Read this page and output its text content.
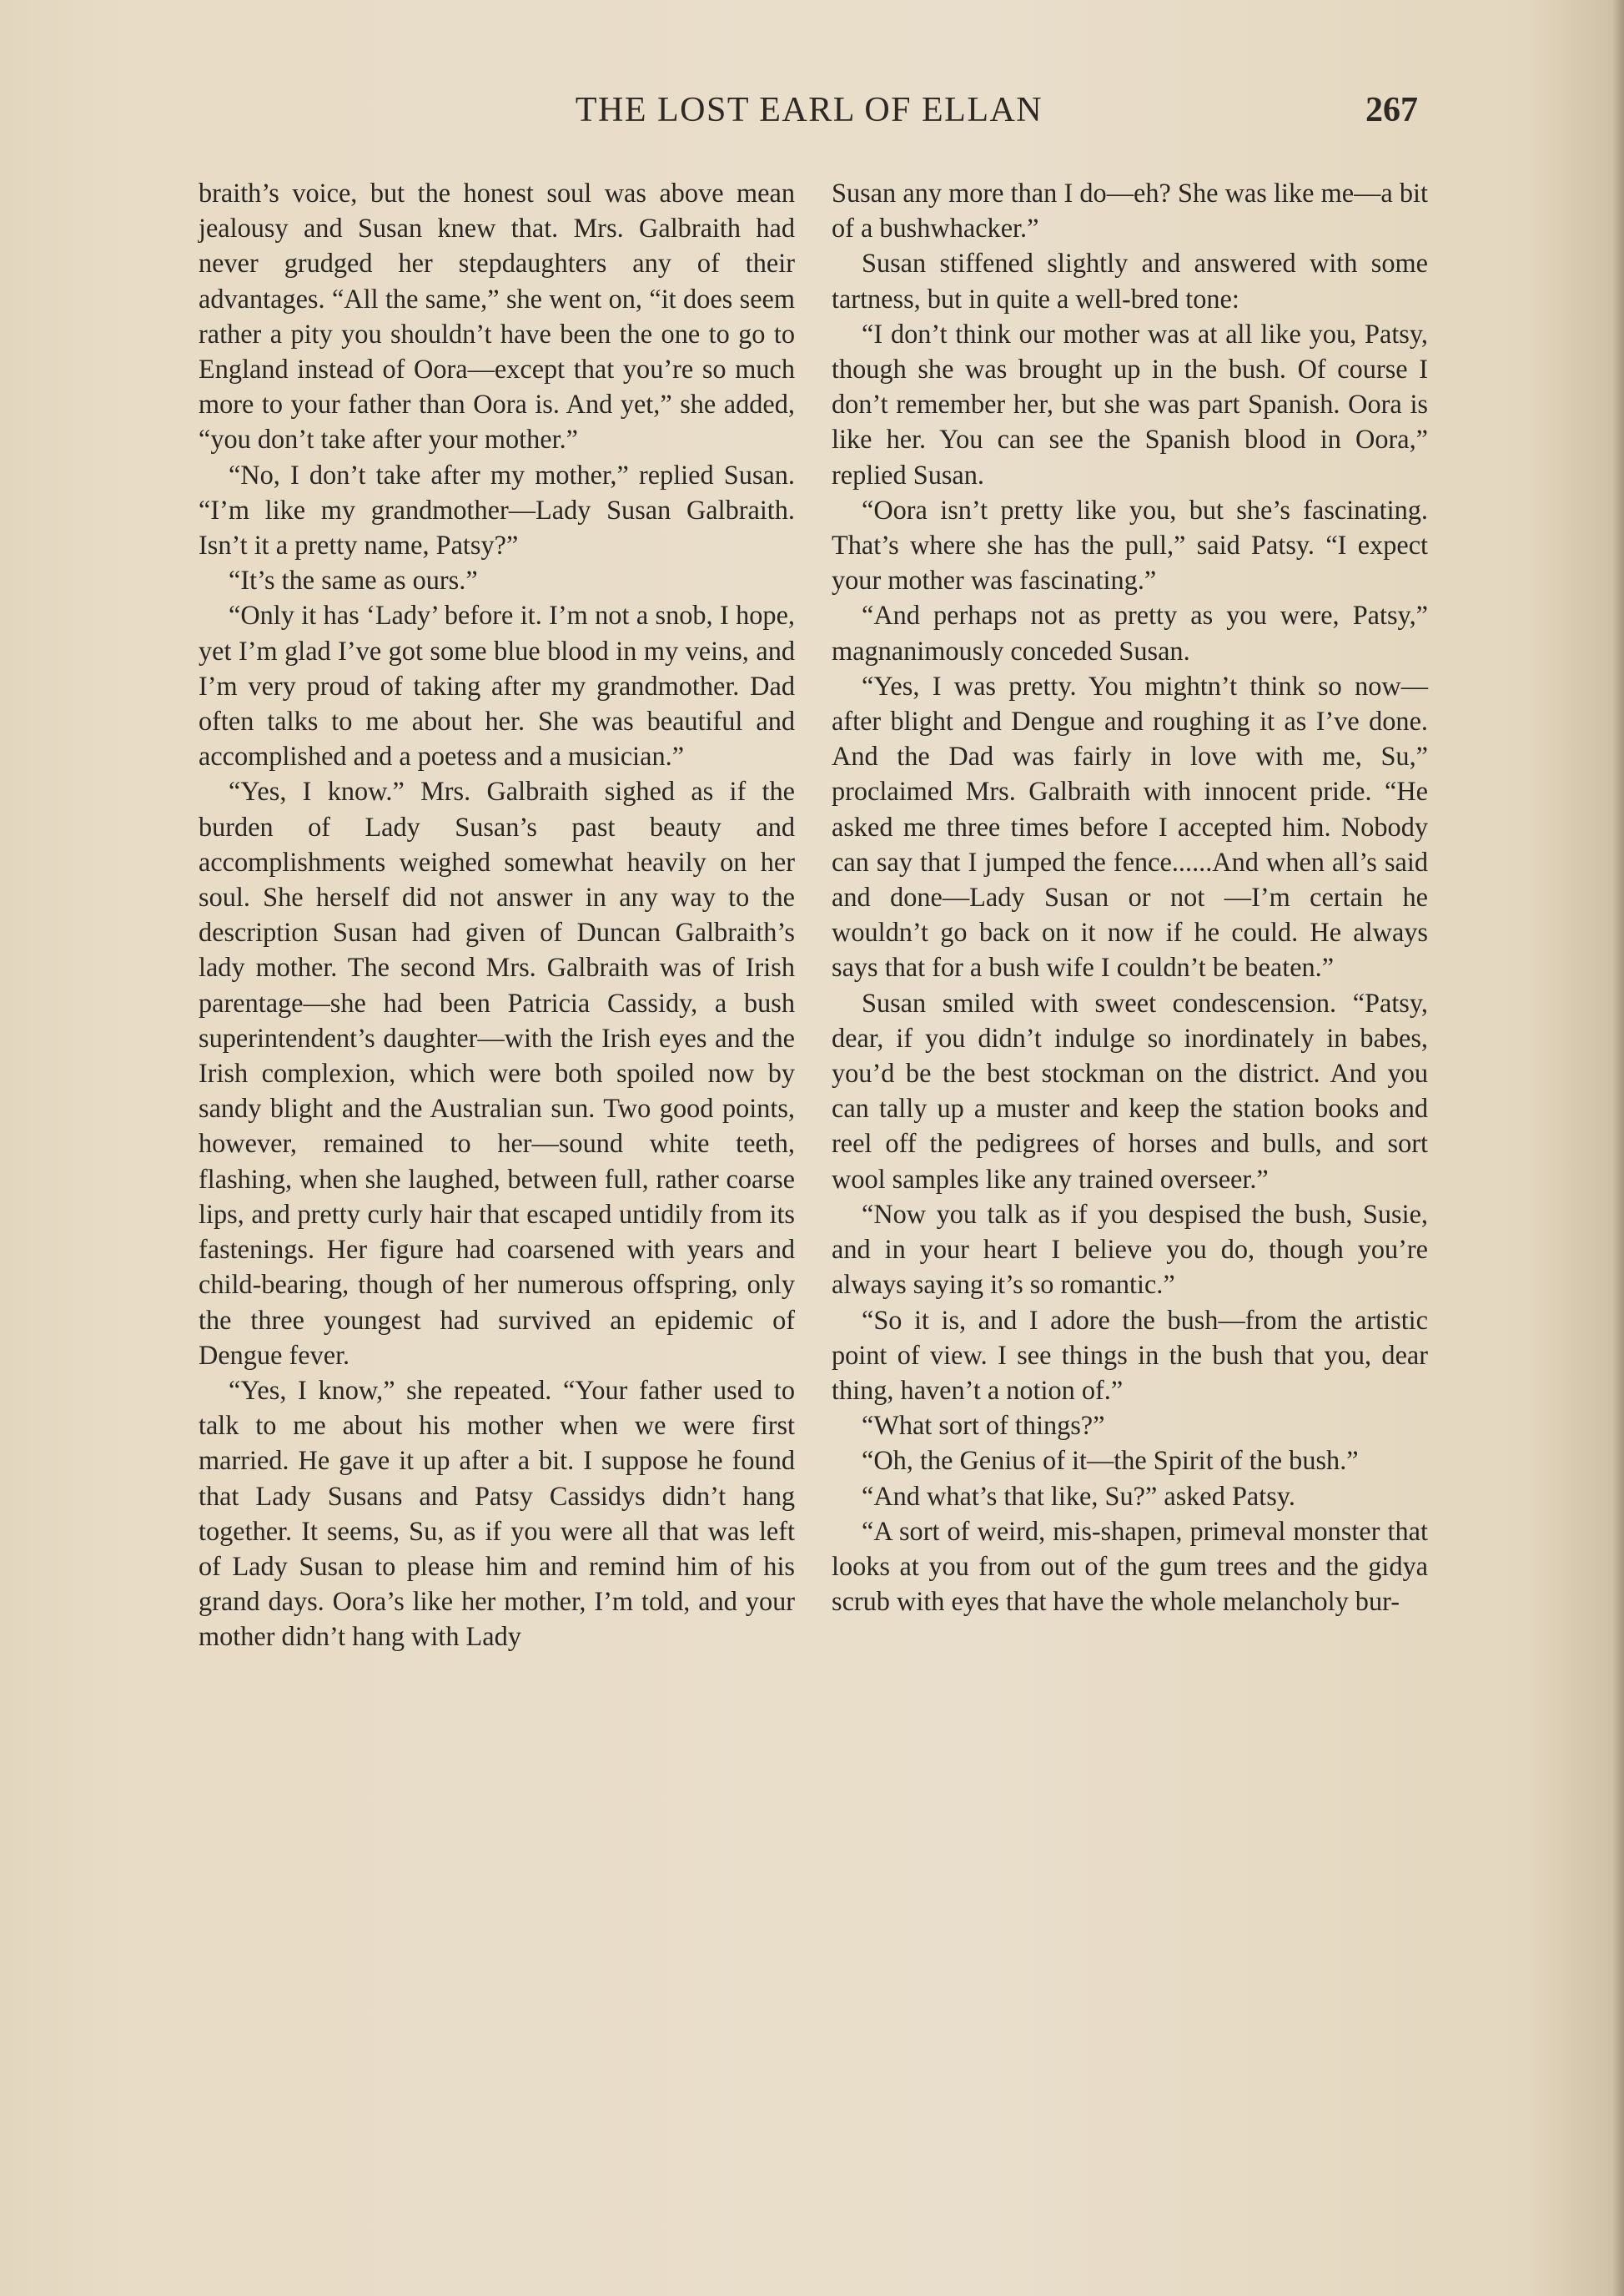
THE LOST EARL OF ELLAN	267

braith’s voice, but the honest soul was above mean jealousy and Susan knew that. Mrs. Galbraith had never grudged her stepdaughters any of their advantages. “All the same,” she went on, “it does seem rather a pity you shouldn’t have been the one to go to England instead of Oora—except that you’re so much more to your father than Oora is. And yet,” she added, “you don’t take after your mother.”

“No, I don’t take after my mother,” replied Susan. “I’m like my grandmother—Lady Susan Galbraith. Isn’t it a pretty name, Patsy?”

“It’s the same as ours.”

“Only it has ‘Lady’ before it. I’m not a snob, I hope, yet I’m glad I’ve got some blue blood in my veins, and I’m very proud of taking after my grandmother. Dad often talks to me about her. She was beautiful and accomplished and a poetess and a musician.”

“Yes, I know.” Mrs. Galbraith sighed as if the burden of Lady Susan’s past beauty and accomplishments weighed somewhat heavily on her soul. She herself did not answer in any way to the description Susan had given of Duncan Galbraith’s lady mother. The second Mrs. Galbraith was of Irish parentage—she had been Patricia Cassidy, a bush superintendent’s daughter—with the Irish eyes and the Irish complexion, which were both spoiled now by sandy blight and the Australian sun. Two good points, however, remained to her—sound white teeth, flashing, when she laughed, between full, rather coarse lips, and pretty curly hair that escaped untidily from its fastenings. Her figure had coarsened with years and child-bearing, though of her numerous offspring, only the three youngest had survived an epidemic of Dengue fever.

“Yes, I know,” she repeated. “Your father used to talk to me about his mother when we were first married. He gave it up after a bit. I suppose he found that Lady Susans and Patsy Cassidys didn’t hang together. It seems, Su, as if you were all that was left of Lady Susan to please him and remind him of his grand days. Oora’s like her mother, I’m told, and your mother didn’t hang with Lady

Susan any more than I do—eh? She was like me—a bit of a bushwhacker.”

Susan stiffened slightly and answered with some tartness, but in quite a well-bred tone:

“I don’t think our mother was at all like you, Patsy, though she was brought up in the bush. Of course I don’t remember her, but she was part Spanish. Oora is like her. You can see the Spanish blood in Oora,” replied Susan.

“Oora isn’t pretty like you, but she’s fascinating. That’s where she has the pull,” said Patsy. “I expect your mother was fascinating.”

“And perhaps not as pretty as you were, Patsy,” magnanimously conceded Susan.

“Yes, I was pretty. You mightn’t think so now—after blight and Dengue and roughing it as I’ve done. And the Dad was fairly in love with me, Su,” proclaimed Mrs. Galbraith with innocent pride. “He asked me three times before I accepted him. Nobody can say that I jumped the fence......And when all’s said and done—Lady Susan or not —I’m certain he wouldn’t go back on it now if he could. He always says that for a bush wife I couldn’t be beaten.”

Susan smiled with sweet condescension. “Patsy, dear, if you didn’t indulge so inordinately in babes, you’d be the best stockman on the district. And you can tally up a muster and keep the station books and reel off the pedigrees of horses and bulls, and sort wool samples like any trained overseer.”

“Now you talk as if you despised the bush, Susie, and in your heart I believe you do, though you’re always saying it’s so romantic.”

“So it is, and I adore the bush—from the artistic point of view. I see things in the bush that you, dear thing, haven’t a notion of.”

“What sort of things?”

“Oh, the Genius of it—the Spirit of the bush.”

“And what’s that like, Su?” asked Patsy.

“A sort of weird, mis-shapen, primeval monster that looks at you from out of the gum trees and the gidya scrub with eyes that have the whole melancholy bur-
